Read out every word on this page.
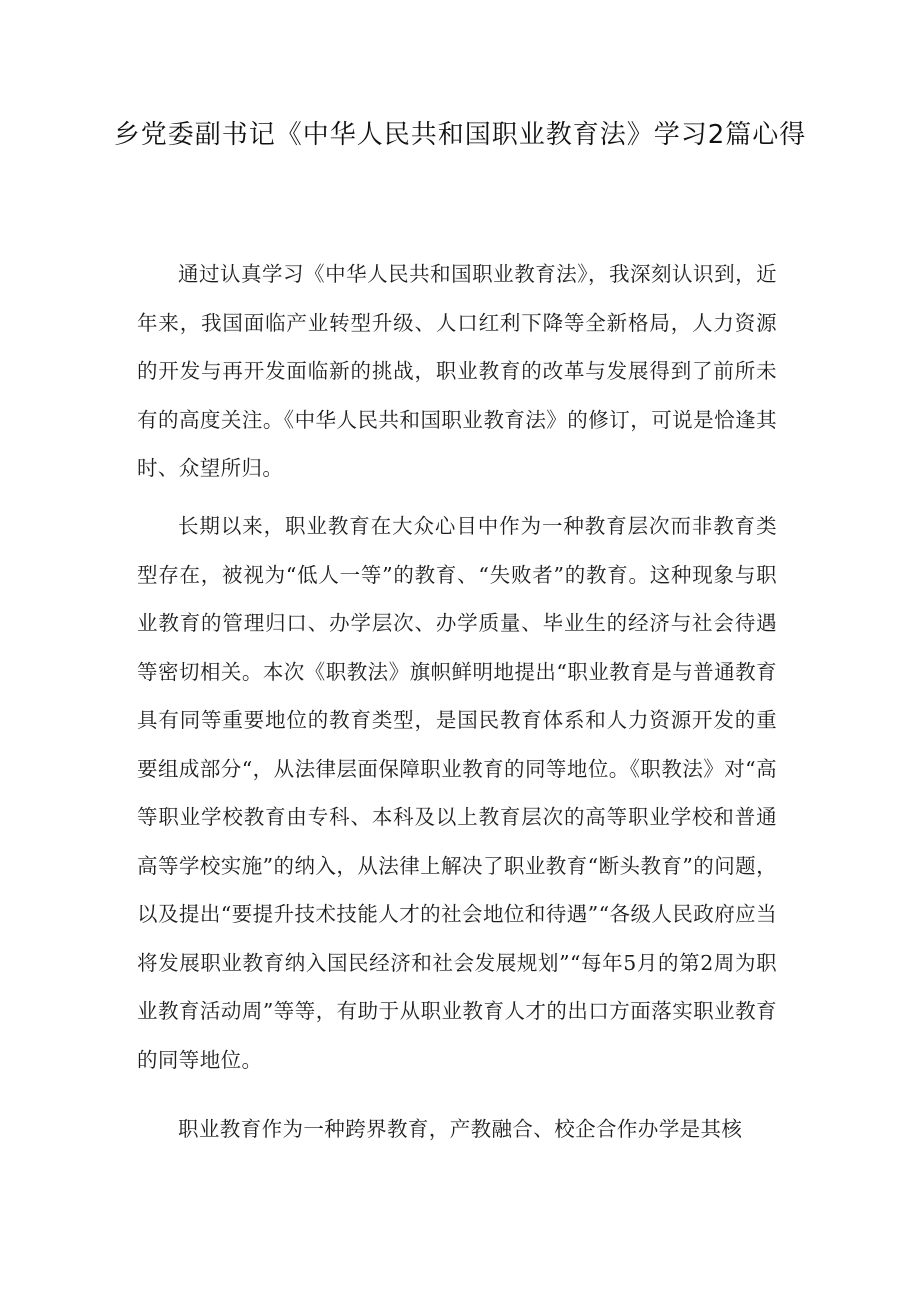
乡党委副书记《中华人民共和国职业教育法》学习2篇心得

通过认真学习《中华人民共和国职业教育法》，我深刻认识到，近年来，我国面临产业转型升级、人口红利下降等全新格局，人力资源的开发与再开发面临新的挑战，职业教育的改革与发展得到了前所未有的高度关注。《中华人民共和国职业教育法》的修订，可说是恰逢其时、众望所归。

长期以来，职业教育在大众心目中作为一种教育层次而非教育类型存在，被视为“低人一等”的教育、“失败者”的教育。这种现象与职业教育的管理归口、办学层次、办学质量、毕业生的经济与社会待遇等密切相关。本次《职教法》旗帜鲜明地提出“职业教育是与普通教育具有同等重要地位的教育类型，是国民教育体系和人力资源开发的重要组成部分“，从法律层面保障职业教育的同等地位。《职教法》对“高等职业学校教育由专科、本科及以上教育层次的高等职业学校和普通高等学校实施”的纳入，从法律上解决了职业教育“断头教育”的问题，以及提出“要提升技术技能人才的社会地位和待遇”“各级人民政府应当将发展职业教育纳入国民经济和社会发展规划”“每年5月的第2周为职业教育活动周”等等，有助于从职业教育人才的出口方面落实职业教育的同等地位。

职业教育作为一种跨界教育，产教融合、校企合作办学是其核
